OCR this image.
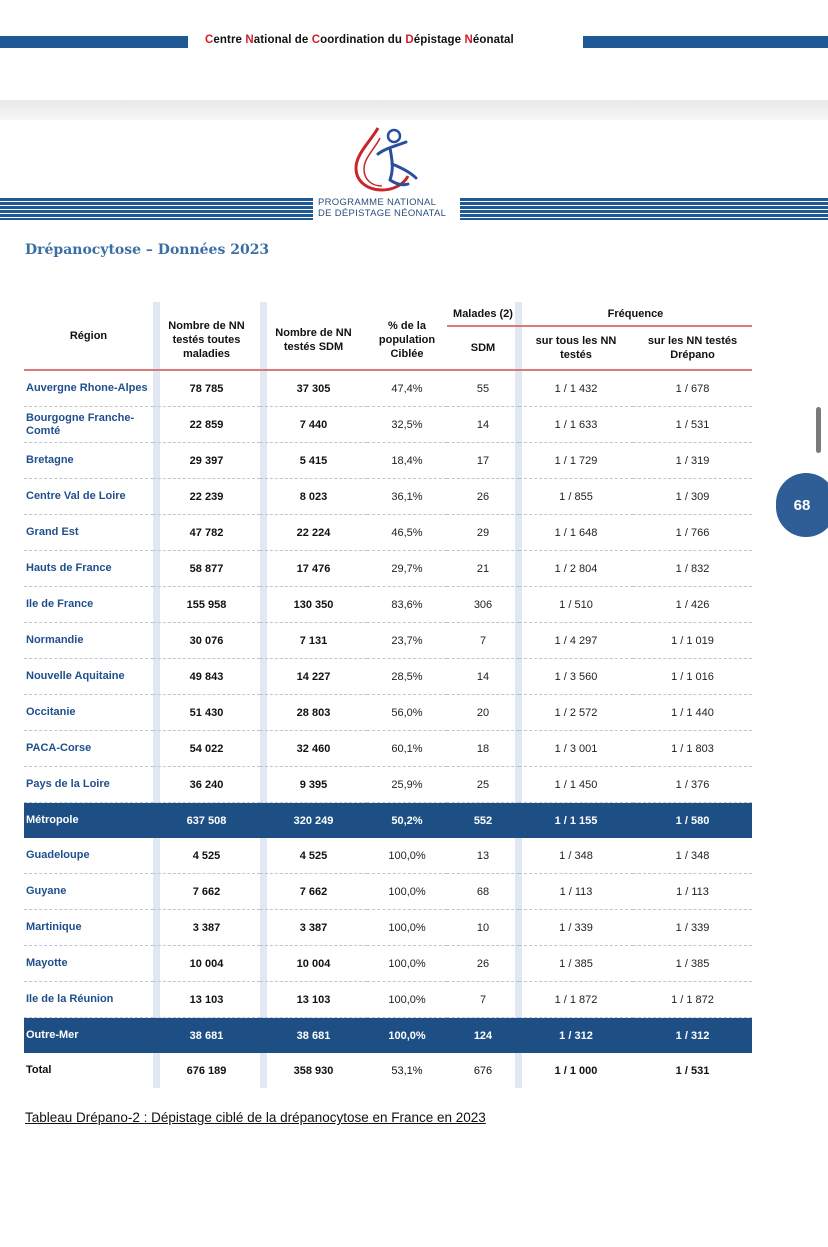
Centre National de Coordination du Dépistage Néonatal
PROGRAMME NATIONAL
DE DÉPISTAGE NÉONATAL
Drépanocytose – Données 2023
Région	Nombre de NN testés toutes maladies	Nombre de NN testés SDM	% de la population Ciblée	Malades (2)	Fréquence	
				SDM	sur tous les NN testés	sur les NN testés Drépano
Auvergne Rhone-Alpes	78 785	37 305	47,4%	55	1 / 1 432	1 / 678
Bourgogne Franche-Comté	22 859	7 440	32,5%	14	1 / 1 633	1 / 531
Bretagne	29 397	5 415	18,4%	17	1 / 1 729	1 / 319
Centre Val de Loire	22 239	8 023	36,1%	26	1 / 855	1 / 309
Grand Est	47 782	22 224	46,5%	29	1 / 1 648	1 / 766
Hauts de France	58 877	17 476	29,7%	21	1 / 2 804	1 / 832
Ile de France	155 958	130 350	83,6%	306	1 / 510	1 / 426
Normandie	30 076	7 131	23,7%	7	1 / 4 297	1 / 1 019
Nouvelle Aquitaine	49 843	14 227	28,5%	14	1 / 3 560	1 / 1 016
Occitanie	51 430	28 803	56,0%	20	1 / 2 572	1 / 1 440
PACA-Corse	54 022	32 460	60,1%	18	1 / 3 001	1 / 1 803
Pays de la Loire	36 240	9 395	25,9%	25	1 / 1 450	1 / 376
Métropole	637 508	320 249	50,2%	552	1 / 1 155	1 / 580
Guadeloupe	4 525	4 525	100,0%	13	1 / 348	1 / 348
Guyane	7 662	7 662	100,0%	68	1 / 113	1 / 113
Martinique	3 387	3 387	100,0%	10	1 / 339	1 / 339
Mayotte	10 004	10 004	100,0%	26	1 / 385	1 / 385
Ile de la Réunion	13 103	13 103	100,0%	7	1 / 1 872	1 / 1 872
Outre-Mer	38 681	38 681	100,0%	124	1 / 312	1 / 312
Total	676 189	358 930	53,1%	676	1 / 1 000	1 / 531
Tableau Drépano-2 : Dépistage ciblé de la drépanocytose en France en 2023
68
